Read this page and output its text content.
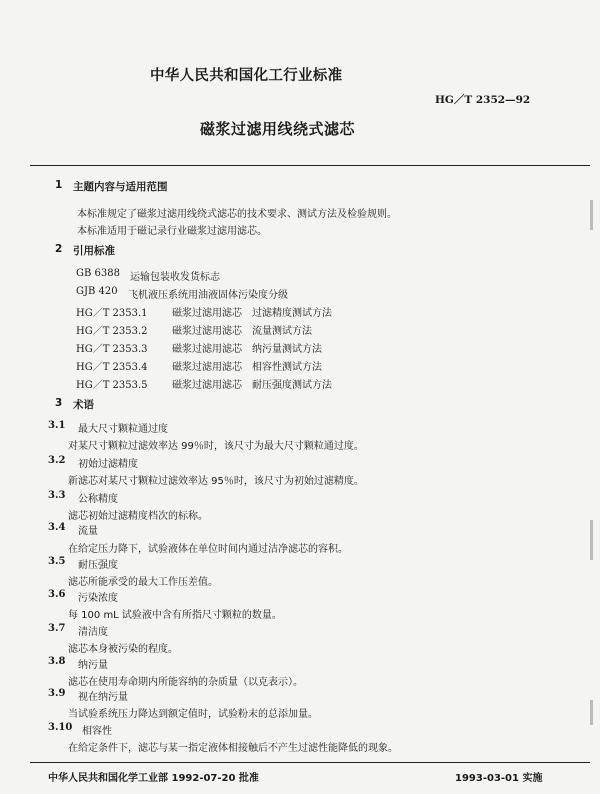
中华人民共和国化工行业标准
HG／T 2352—92
磁浆过滤用线绕式滤芯
1 主题内容与适用范围
本标准规定了磁浆过滤用线绕式滤芯的技术要求、测试方法及检验规则。
本标准适用于磁记录行业磁浆过滤用滤芯。
2 引用标准
GB 6388 运输包装收发货标志
GJB 420 飞机液压系统用油液固体污染度分级
HG／T 2353.1 磁浆过滤用滤芯　过滤精度测试方法
HG／T 2353.2 磁浆过滤用滤芯　流量测试方法
HG／T 2353.3 磁浆过滤用滤芯　纳污量测试方法
HG／T 2353.4 磁浆过滤用滤芯　相容性测试方法
HG／T 2353.5 磁浆过滤用滤芯　耐压强度测试方法
3 术语
3.1 最大尺寸颗粒通过度
对某尺寸颗粒过滤效率达 99％时，该尺寸为最大尺寸颗粒通过度。
3.2 初始过滤精度
新滤芯对某尺寸颗粒过滤效率达 95％时，该尺寸为初始过滤精度。
3.3 公称精度
滤芯初始过滤精度档次的标称。
3.4 流量
在给定压力降下，试验液体在单位时间内通过洁净滤芯的容积。
3.5 耐压强度
滤芯所能承受的最大工作压差值。
3.6 污染浓度
每 100 mL 试验液中含有所指尺寸颗粒的数量。
3.7 清洁度
滤芯本身被污染的程度。
3.8 纳污量
滤芯在使用寿命期内所能容纳的杂质量（以克表示）。
3.9 视在纳污量
当试验系统压力降达到额定值时，试验粉末的总添加量。
3.10 相容性
在给定条件下，滤芯与某一指定液体相接触后不产生过滤性能降低的现象。
中华人民共和国化学工业部 1992-07-20 批准	1993-03-01 实施
